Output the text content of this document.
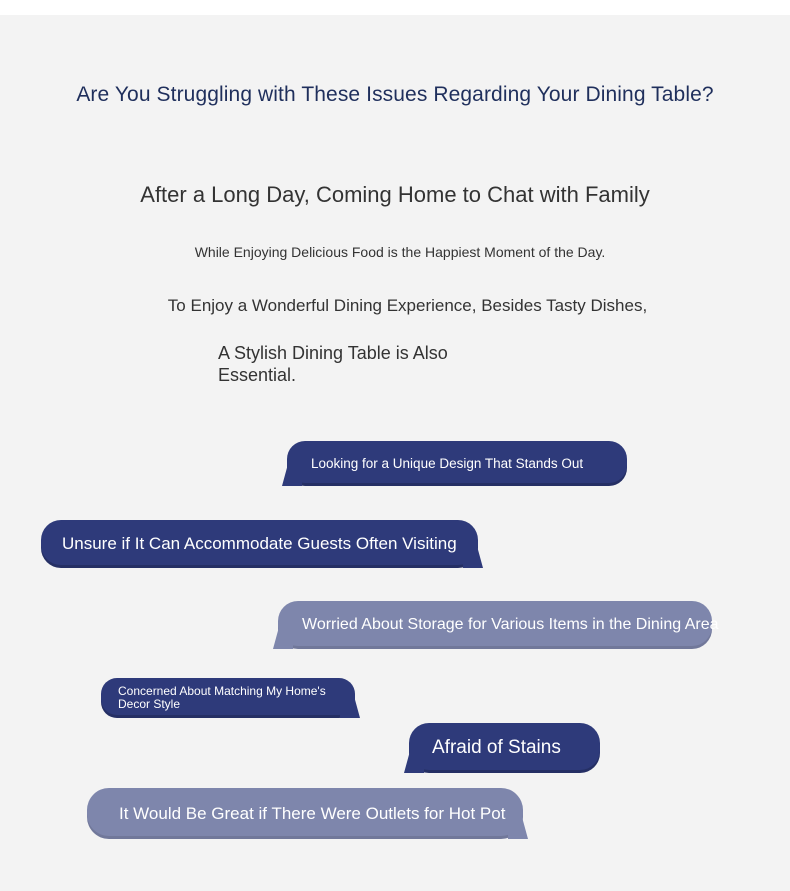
Are You Struggling with These Issues Regarding Your Dining Table?
After a Long Day, Coming Home to Chat with Family
While Enjoying Delicious Food is the Happiest Moment of the Day.
To Enjoy a Wonderful Dining Experience, Besides Tasty Dishes,
A Stylish Dining Table is Also Essential.
Looking for a Unique Design That Stands Out
Unsure if It Can Accommodate Guests Often Visiting
Worried About Storage for Various Items in the Dining Area
Concerned About Matching My Home's Decor Style
Afraid of Stains
It Would Be Great if There Were Outlets for Hot Pot
